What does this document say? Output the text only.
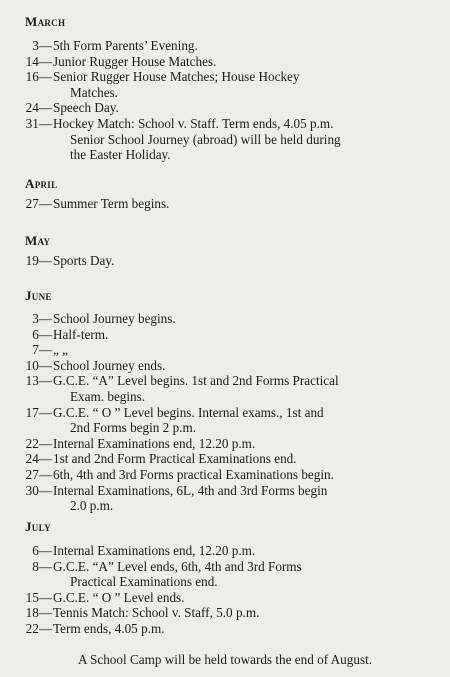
March
3— 5th Form Parents’ Evening.
14— Junior Rugger House Matches.
16— Senior Rugger House Matches; House Hockey
Matches.
24— Speech Day.
31— Hockey Match: School v. Staff. Term ends, 4.05 p.m.
Senior School Journey (abroad) will be held during
the Easter Holiday.
April
27— Summer Term begins.
May
19— Sports Day.
June
3— School Journey begins.
6— Half-term.
7— „ „
10— School Journey ends.
13— G.C.E. “A” Level begins. 1st and 2nd Forms Practical
Exam. begins.
17— G.C.E. “ O ” Level begins. Internal exams., 1st and
2nd Forms begin 2 p.m.
22— Internal Examinations end, 12.20 p.m.
24— 1st and 2nd Form Practical Examinations end.
27— 6th, 4th and 3rd Forms practical Examinations begin.
30— Internal Examinations, 6L, 4th and 3rd Forms begin
2.0 p.m.
July
6— Internal Examinations end, 12.20 p.m.
8— G.C.E. “A” Level ends, 6th, 4th and 3rd Forms
Practical Examinations end.
15— G.C.E. “ O ” Level ends.
18— Tennis Match: School v. Staff, 5.0 p.m.
22— Term ends, 4.05 p.m.
A School Camp will be held towards the end of August.
